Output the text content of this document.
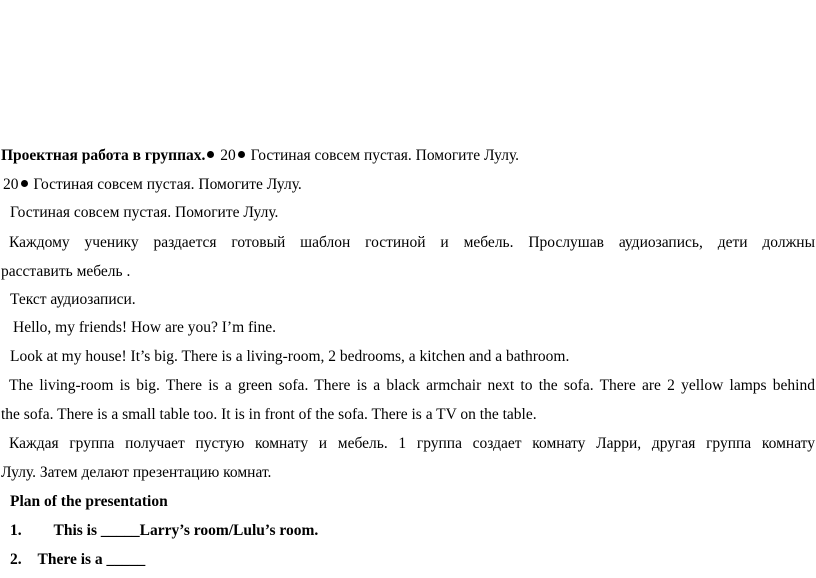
Проектная работа в группах. 20 Гостиная совсем пустая. Помогите Лулу.
20 Гостиная совсем пустая. Помогите Лулу.
Гостиная совсем пустая. Помогите Лулу.
Каждому ученику раздается готовый шаблон гостиной и мебель. Прослушав аудиозапись, дети должны
расставить мебель .
Текст аудиозаписи.
Hello, my friends! How are you? I’m fine.
Look at my house! It’s big. There is a living-room, 2 bedrooms, a kitchen and a bathroom.
The living-room is big. There is a green sofa. There is a black armchair next to the sofa. There are 2 yellow lamps behind
the sofa. There is a small table too. It is in front of the sofa. There is a TV on the table.
Каждая группа получает пустую комнату и мебель. 1 группа создает комнату Ларри, другая группа комнату
Лулу. Затем делают презентацию комнат.
Plan of the presentation
1. This is _____Larry’s room/Lulu’s room.
2. There is a _____
